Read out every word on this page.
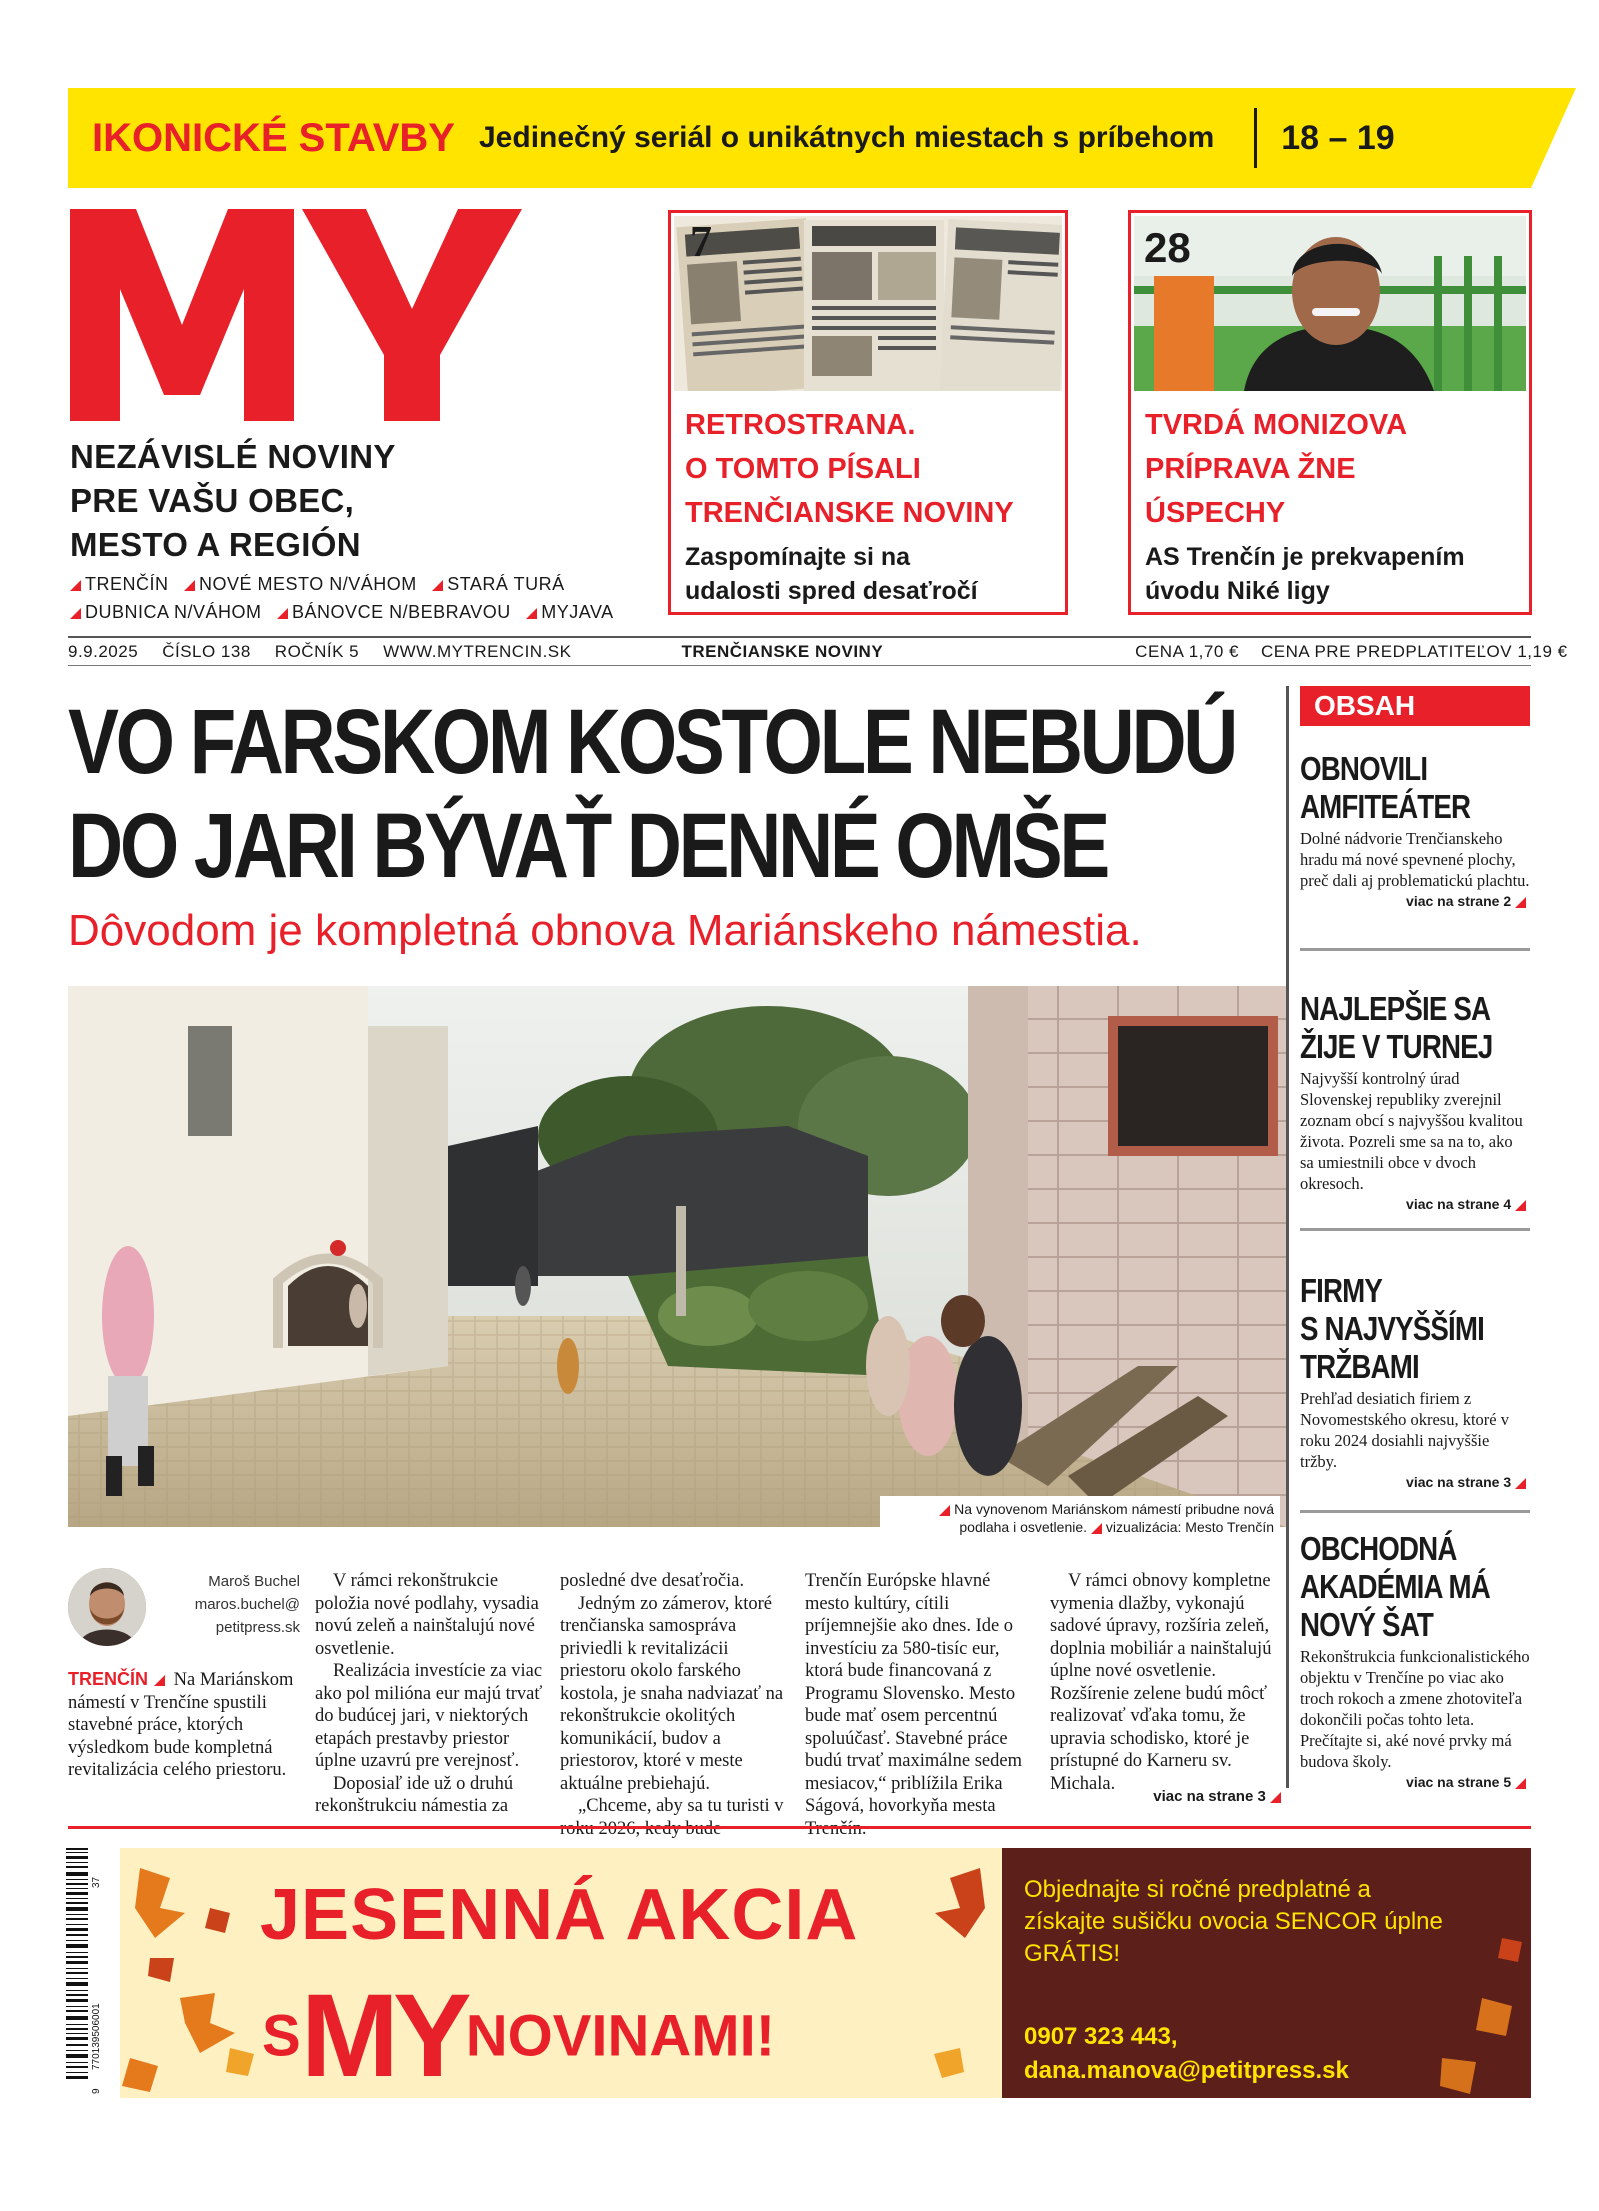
IKONICKÉ STAVBY Jedinečný seriál o unikátnych miestach s príbehom 18 – 19
NEZÁVISLÉ NOVINY
PRE VAŠU OBEC,
MESTO A REGIÓN
TRENČÍN NOVÉ MESTO N/VÁHOM STARÁ TURÁ
DUBNICA N/VÁHOM BÁNOVCE N/BEBRAVOU MYJAVA
7
RETROSTRANA.
O TOMTO PÍSALI
TRENČIANSKE NOVINY
Zaspomínajte si na
udalosti spred desaťročí
28
TVRDÁ MONIZOVA
PRÍPRAVA ŽNE
ÚSPECHY
AS Trenčín je prekvapením
úvodu Niké ligy
9.9.2025 ČÍSLO 138 ROČNÍK 5 WWW.MYTRENCIN.SK	TRENČIANSKE NOVINY	CENA 1,70 € CENA PRE PREDPLATITEĽOV 1,19 €
VO FARSKOM KOSTOLE NEBUDÚ
DO JARI BÝVAŤ DENNÉ OMŠE
Dôvodom je kompletná obnova Mariánskeho námestia.
Na vynovenom Mariánskom námestí pribudne nová podlaha i osvetlenie. vizualizácia: Mesto Trenčín
Maroš Buchel
maros.buchel@
petitpress.sk

TRENČÍN Na Mariánskom námestí v Trenčíne spustili stavebné práce, ktorých výsledkom bude kompletná revitalizácia celého priestoru.

V rámci rekonštrukcie položia nové podlahy, vysadia novú zeleň a nainštalujú nové osvetlenie.

Realizácia investície za viac ako pol milióna eur majú trvať do budúcej jari, v niektorých etapách prestavby priestor úplne uzavrú pre verejnosť.

Doposiaľ ide už o druhú rekonštrukciu námestia za

posledné dve desaťročia.

Jedným zo zámerov, ktoré trenčianska samospráva priviedli k revitalizácii priestoru okolo farského kostola, je snaha nadviazať na rekonštrukcie okolitých komunikácií, budov a priestorov, ktoré v meste aktuálne prebiehajú.

„Chceme, aby sa tu turisti v

Trenčín Európske hlavné mesto kultúry, cítili príjemnejšie ako dnes. Ide o investíciu za 580-tisíc eur, ktorá bude financovaná z Programu Slovensko. Mesto bude mať osem percentnú spoluúčasť. Stavebné práce budú trvať maximálne sedem mesiacov,“ priblížila Erika Ságová, hovorkyňa mesta

V rámci obnovy kompletne vymenia dlažby, vykonajú sadové úpravy, rozšíria zeleň, doplnia mobiliár a nainštalujú úplne nové osvetlenie. Rozšírenie zelene budú môcť realizovať vďaka tomu, že upravia schodisko, ktoré je prístupné do Karneru sv. Michala.

viac na strane 3
OBSAH
OBNOVILI
AMFITEÁTER

Dolné nádvorie Trenčianskeho hradu má nové spevnené plochy, preč dali aj problematickú plachtu.

viac na strane 2
NAJLEPŠIE SA
ŽIJE V TURNEJ

Najvyšší kontrolný úrad Slovenskej republiky zverejnil zoznam obcí s najvyššou kvalitou života. Pozreli sme sa na to, ako sa umiestnili obce v dvoch okresoch.

viac na strane 4
FIRMY
S NAJVYŠŠÍMI
TRŽBAMI

Prehľad desiatich firiem z Novomestského okresu, ktoré v roku 2024 dosiahli najvyššie tržby.

viac na strane 3
OBCHODNÁ
AKADÉMIA MÁ
NOVÝ ŠAT

Rekonštrukcia funkcionalistického objektu v Trenčíne po viac ako troch rokoch a zmene zhotoviteľa dokončili počas tohto leta. Prečítajte si, aké nové prvky má budova školy.

viac na strane 5
37
770139506001
9
JESENNÁ AKCIA
SMYNOVINAMI!
Objednajte si ročné predplatné a získajte sušičku ovocia SENCOR úplne GRÁTIS!
0907 323 443,
dana.manova@petitpress.sk
